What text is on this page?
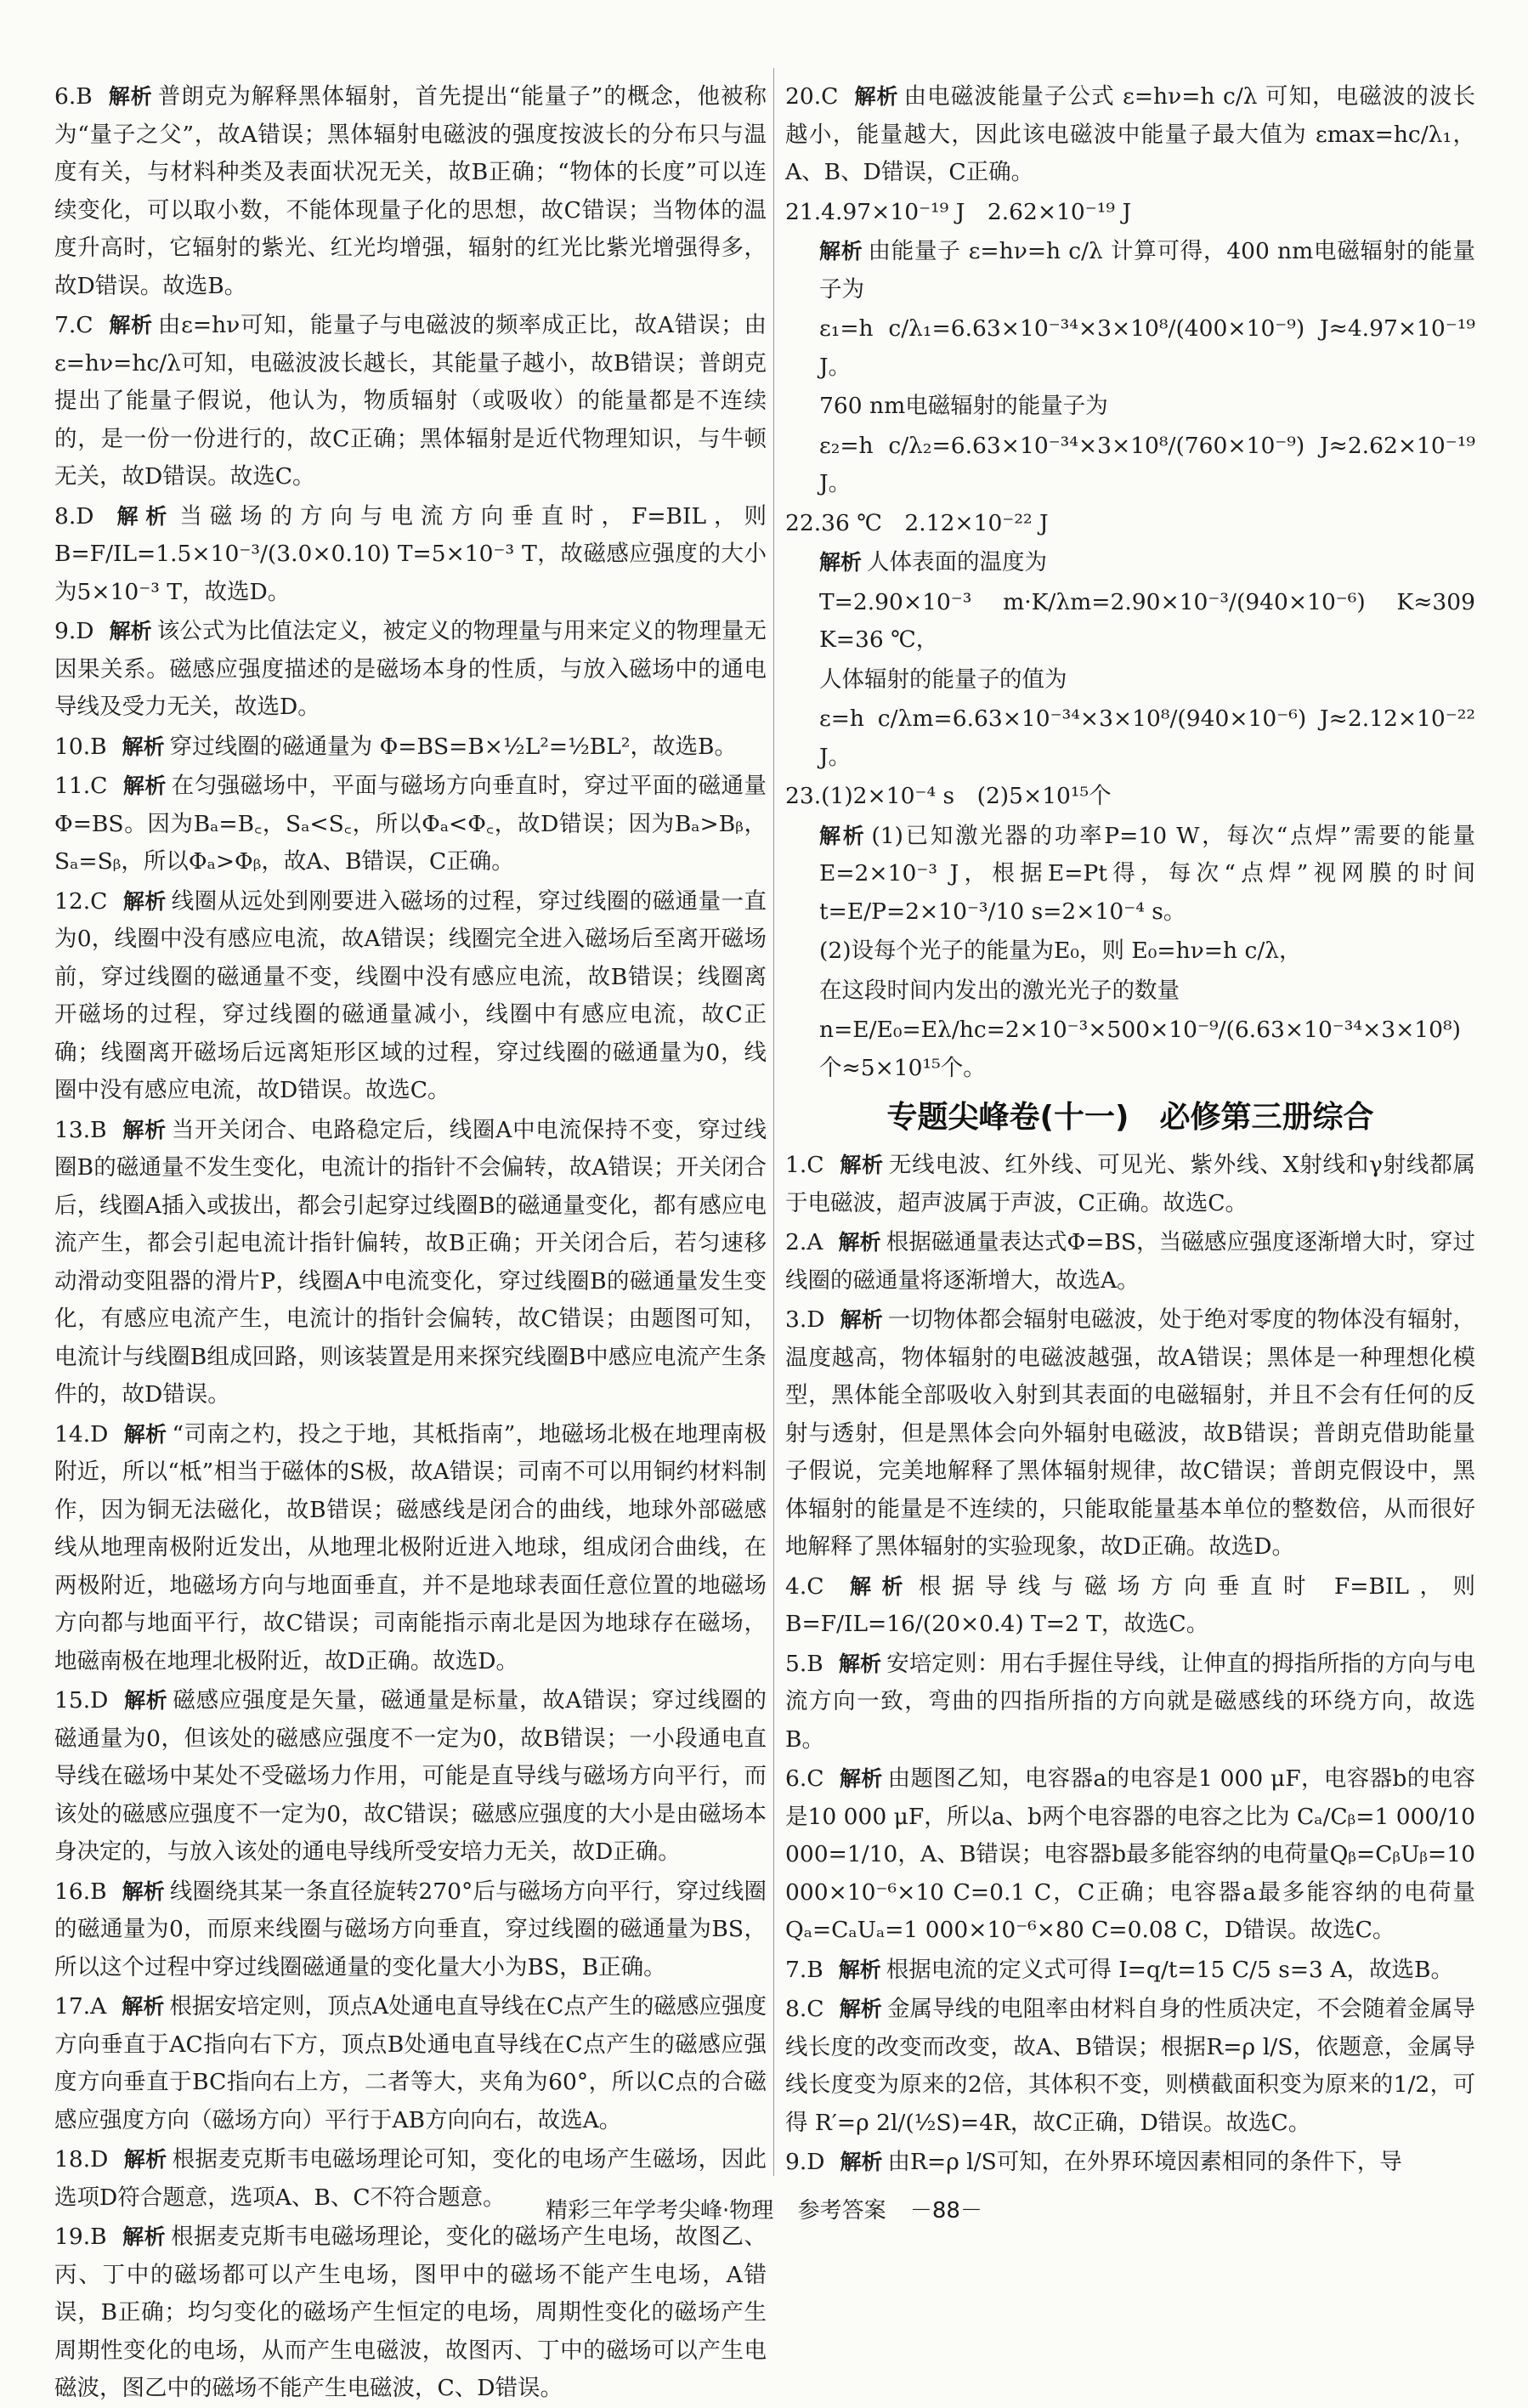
6.B 解析 普朗克为解释黑体辐射，首先提出“能量子”的概念，他被称为“量子之父”，故A错误；黑体辐射电磁波的强度按波长的分布只与温度有关，与材料种类及表面状况无关，故B正确；“物体的长度”可以连续变化，可以取小数，不能体现量子化的思想，故C错误；当物体的温度升高时，它辐射的紫光、红光均增强，辐射的红光比紫光增强得多，故D错误。故选B。
7.C 解析 由ε=hν可知，能量子与电磁波的频率成正比，故A错误；由ε=hν=hc/λ可知，电磁波波长越长，其能量子越小，故B错误；普朗克提出了能量子假说，他认为，物质辐射（或吸收）的能量都是不连续的，是一份一份进行的，故C正确；黑体辐射是近代物理知识，与牛顿无关，故D错误。故选C。
8.D 解析 当磁场的方向与电流方向垂直时，F=BIL，则 B=F/IL=1.5×10⁻³/(3.0×0.10) T=5×10⁻³ T，故磁感应强度的大小为5×10⁻³ T，故选D。
9.D 解析 该公式为比值法定义，被定义的物理量与用来定义的物理量无因果关系。磁感应强度描述的是磁场本身的性质，与放入磁场中的通电导线及受力无关，故选D。
10.B 解析 穿过线圈的磁通量为 Φ=BS=B×½L²=½BL²，故选B。
11.C 解析 在匀强磁场中，平面与磁场方向垂直时，穿过平面的磁通量Φ=BS。因为Bₐ=B꜀，Sₐ<S꜀，所以Φₐ<Φ꜀，故D错误；因为Bₐ>Bᵦ，Sₐ=Sᵦ，所以Φₐ>Φᵦ，故A、B错误，C正确。
12.C 解析 线圈从远处到刚要进入磁场的过程，穿过线圈的磁通量一直为0，线圈中没有感应电流，故A错误；线圈完全进入磁场后至离开磁场前，穿过线圈的磁通量不变，线圈中没有感应电流，故B错误；线圈离开磁场的过程，穿过线圈的磁通量减小，线圈中有感应电流，故C正确；线圈离开磁场后远离矩形区域的过程，穿过线圈的磁通量为0，线圈中没有感应电流，故D错误。故选C。
13.B 解析 当开关闭合、电路稳定后，线圈A中电流保持不变，穿过线圈B的磁通量不发生变化，电流计的指针不会偏转，故A错误；开关闭合后，线圈A插入或拔出，都会引起穿过线圈B的磁通量变化，都有感应电流产生，都会引起电流计指针偏转，故B正确；开关闭合后，若匀速移动滑动变阻器的滑片P，线圈A中电流变化，穿过线圈B的磁通量发生变化，有感应电流产生，电流计的指针会偏转，故C错误；由题图可知，电流计与线圈B组成回路，则该装置是用来探究线圈B中感应电流产生条件的，故D错误。
14.D 解析 “司南之杓，投之于地，其柢指南”，地磁场北极在地理南极附近，所以“柢”相当于磁体的S极，故A错误；司南不可以用铜约材料制作，因为铜无法磁化，故B错误；磁感线是闭合的曲线，地球外部磁感线从地理南极附近发出，从地理北极附近进入地球，组成闭合曲线，在两极附近，地磁场方向与地面垂直，并不是地球表面任意位置的地磁场方向都与地面平行，故C错误；司南能指示南北是因为地球存在磁场，地磁南极在地理北极附近，故D正确。故选D。
15.D 解析 磁感应强度是矢量，磁通量是标量，故A错误；穿过线圈的磁通量为0，但该处的磁感应强度不一定为0，故B错误；一小段通电直导线在磁场中某处不受磁场力作用，可能是直导线与磁场方向平行，而该处的磁感应强度不一定为0，故C错误；磁感应强度的大小是由磁场本身决定的，与放入该处的通电导线所受安培力无关，故D正确。
16.B 解析 线圈绕其某一条直径旋转270°后与磁场方向平行，穿过线圈的磁通量为0，而原来线圈与磁场方向垂直，穿过线圈的磁通量为BS，所以这个过程中穿过线圈磁通量的变化量大小为BS，B正确。
17.A 解析 根据安培定则，顶点A处通电直导线在C点产生的磁感应强度方向垂直于AC指向右下方，顶点B处通电直导线在C点产生的磁感应强度方向垂直于BC指向右上方，二者等大，夹角为60°，所以C点的合磁感应强度方向（磁场方向）平行于AB方向向右，故选A。
18.D 解析 根据麦克斯韦电磁场理论可知，变化的电场产生磁场，因此选项D符合题意，选项A、B、C不符合题意。
19.B 解析 根据麦克斯韦电磁场理论，变化的磁场产生电场，故图乙、丙、丁中的磁场都可以产生电场，图甲中的磁场不能产生电场，A错误，B正确；均匀变化的磁场产生恒定的电场，周期性变化的磁场产生周期性变化的电场，从而产生电磁波，故图丙、丁中的磁场可以产生电磁波，图乙中的磁场不能产生电磁波，C、D错误。
20.C 解析 由电磁波能量子公式 ε=hν=h c/λ 可知，电磁波的波长越小，能量越大，因此该电磁波中能量子最大值为 εmax=hc/λ₁，A、B、D错误，C正确。
21.4.97×10⁻¹⁹ J　2.62×10⁻¹⁹ J
解析 由能量子 ε=hν=h c/λ 计算可得，400 nm电磁辐射的能量子为
ε₁=h c/λ₁=6.63×10⁻³⁴×3×10⁸/(400×10⁻⁹) J≈4.97×10⁻¹⁹ J。
760 nm电磁辐射的能量子为
ε₂=h c/λ₂=6.63×10⁻³⁴×3×10⁸/(760×10⁻⁹) J≈2.62×10⁻¹⁹ J。
22.36 ℃　2.12×10⁻²² J
解析 人体表面的温度为
T=2.90×10⁻³ m·K/λm=2.90×10⁻³/(940×10⁻⁶) K≈309 K=36 ℃，
人体辐射的能量子的值为
ε=h c/λm=6.63×10⁻³⁴×3×10⁸/(940×10⁻⁶) J≈2.12×10⁻²² J。
23.(1)2×10⁻⁴ s　(2)5×10¹⁵个
解析 (1)已知激光器的功率P=10 W，每次“点焊”需要的能量E=2×10⁻³ J，根据E=Pt得，每次“点焊”视网膜的时间 t=E/P=2×10⁻³/10 s=2×10⁻⁴ s。
(2)设每个光子的能量为E₀，则 E₀=hν=h c/λ，
在这段时间内发出的激光光子的数量
n=E/E₀=Eλ/hc=2×10⁻³×500×10⁻⁹/(6.63×10⁻³⁴×3×10⁸)个≈5×10¹⁵个。
专题尖峰卷(十一)　必修第三册综合
1.C 解析 无线电波、红外线、可见光、紫外线、X射线和γ射线都属于电磁波，超声波属于声波，C正确。故选C。
2.A 解析 根据磁通量表达式Φ=BS，当磁感应强度逐渐增大时，穿过线圈的磁通量将逐渐增大，故选A。
3.D 解析 一切物体都会辐射电磁波，处于绝对零度的物体没有辐射，温度越高，物体辐射的电磁波越强，故A错误；黑体是一种理想化模型，黑体能全部吸收入射到其表面的电磁辐射，并且不会有任何的反射与透射，但是黑体会向外辐射电磁波，故B错误；普朗克借助能量子假说，完美地解释了黑体辐射规律，故C错误；普朗克假设中，黑体辐射的能量是不连续的，只能取能量基本单位的整数倍，从而很好地解释了黑体辐射的实验现象，故D正确。故选D。
4.C 解析 根据导线与磁场方向垂直时 F=BIL，则 B=F/IL=16/(20×0.4) T=2 T，故选C。
5.B 解析 安培定则：用右手握住导线，让伸直的拇指所指的方向与电流方向一致，弯曲的四指所指的方向就是磁感线的环绕方向，故选B。
6.C 解析 由题图乙知，电容器a的电容是1 000 μF，电容器b的电容是10 000 μF，所以a、b两个电容器的电容之比为 Cₐ/Cᵦ=1 000/10 000=1/10，A、B错误；电容器b最多能容纳的电荷量Qᵦ=CᵦUᵦ=10 000×10⁻⁶×10 C=0.1 C，C正确；电容器a最多能容纳的电荷量Qₐ=CₐUₐ=1 000×10⁻⁶×80 C=0.08 C，D错误。故选C。
7.B 解析 根据电流的定义式可得 I=q/t=15 C/5 s=3 A，故选B。
8.C 解析 金属导线的电阻率由材料自身的性质决定，不会随着金属导线长度的改变而改变，故A、B错误；根据R=ρ l/S，依题意，金属导线长度变为原来的2倍，其体积不变，则横截面积变为原来的1/2，可得 R′=ρ 2l/(½S)=4R，故C正确，D错误。故选C。
9.D 解析 由R=ρ l/S可知，在外界环境因素相同的条件下，导
精彩三年学考尖峰·物理 参考答案 －88－
